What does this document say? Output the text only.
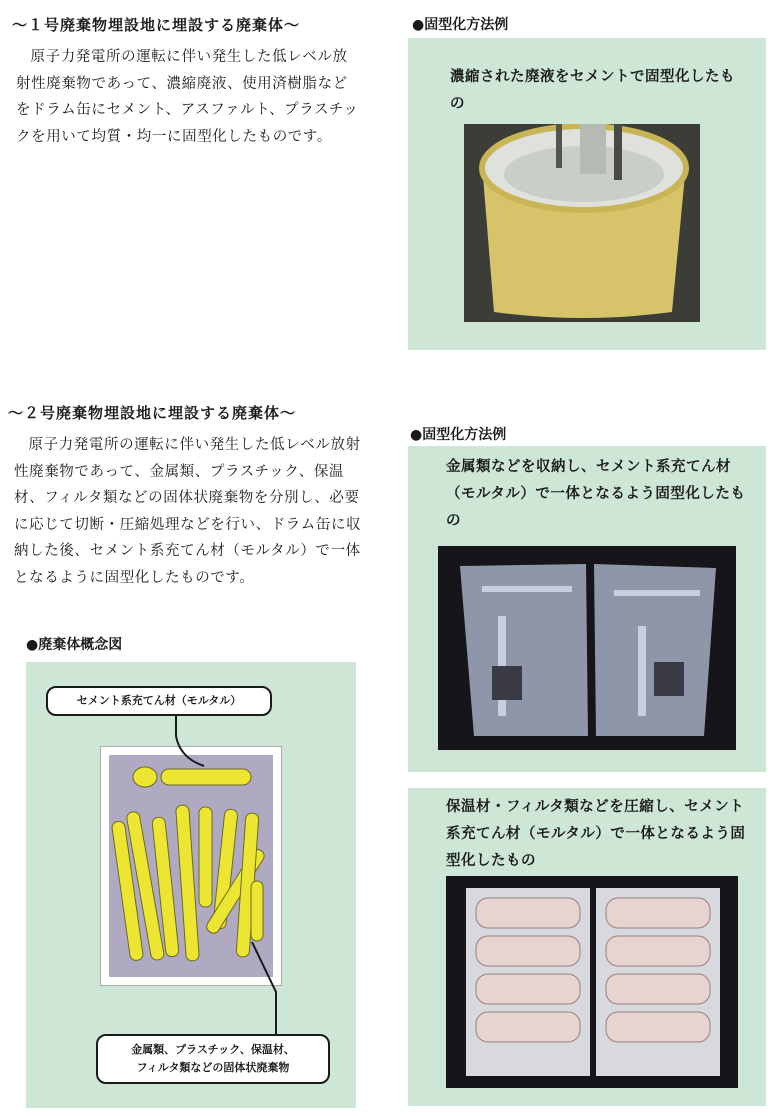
～１号廃棄物埋設地に埋設する廃棄体～

原子力発電所の運転に伴い発生した低レベル放射性廃棄物であって、濃縮廃液、使用済樹脂などをドラム缶にセメント、アスファルト、プラスチックを用いて均質・均一に固型化したものです。

●固型化方法例
濃縮された廃液をセメントで固型化したもの
～２号廃棄物埋設地に埋設する廃棄体～

原子力発電所の運転に伴い発生した低レベル放射性廃棄物であって、金属類、プラスチック、保温材、フィルタ類などの固体状廃棄物を分別し、必要に応じて切断・圧縮処理などを行い、ドラム缶に収納した後、セメント系充てん材（モルタル）で一体となるように固型化したものです。

●廃棄体概念図
セメント系充てん材（モルタル）
金属類、プラスチック、保温材、
フィルタ類などの固体状廃棄物
●固型化方法例
金属類などを収納し、セメント系充てん材（モルタル）で一体となるよう固型化したもの
保温材・フィルタ類などを圧縮し、セメント系充てん材（モルタル）で一体となるよう固型化したもの
